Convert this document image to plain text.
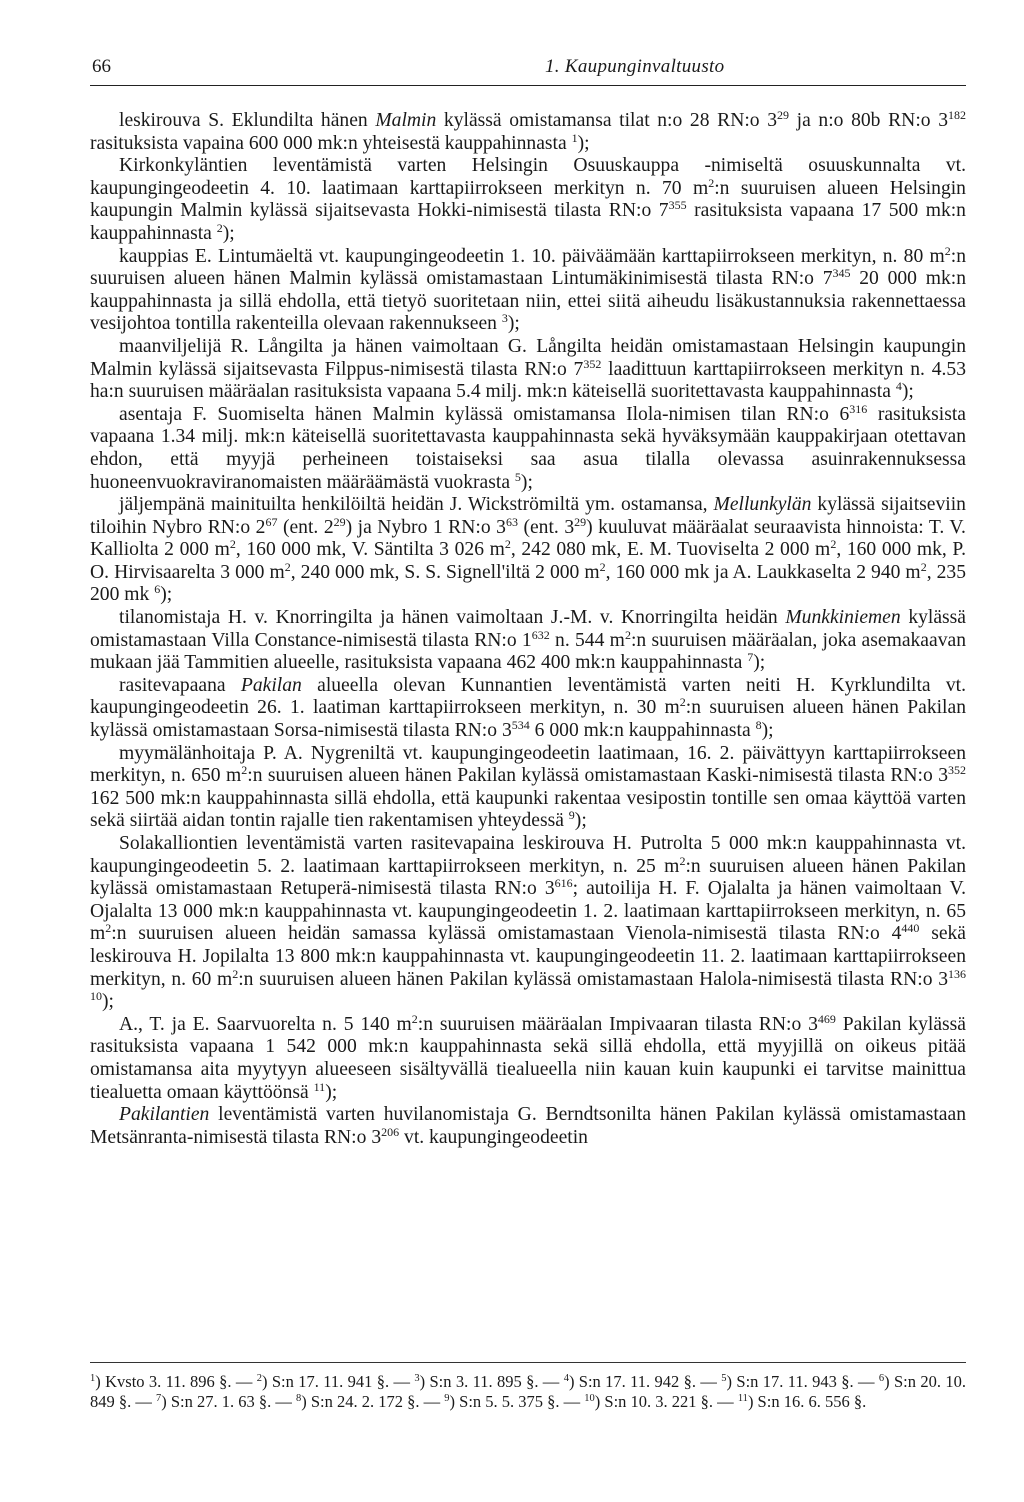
66	1. Kaupunginvaltuusto

leskirouva S. Eklundilta hänen Malmin kylässä omistamansa tilat n:o 28 RN:o $3^{29}$ ja n:o 80b RN:o $3^{182}$ rasituksista vapaina 600 000 mk:n yhteisestä kauppahinnasta $^1$);

Kirkonkyläntien leventämistä varten Helsingin Osuuskauppa -nimiseltä osuuskunnalta vt. kaupungingeodeetin 4. 10. laatimaan karttapiirrokseen merkityn n. 70 $m^2:n$ suuruisen alueen Helsingin kaupungin Malmin kylässä sijaitsevasta Hokki-nimisestä tilasta RN:o $7^{355}$ rasituksista vapaana 17 500 mk:n kauppahinnasta $^2$);

kauppias E. Lintumäeltä vt. kaupungingeodeetin 1. 10. päiväämään karttapiirrokseen merkityn, n. 80 $m^2:n$ suuruisen alueen hänen Malmin kylässä omistamastaan Lintumäkinimisestä tilasta RN:o $7^{345}$ 20 000 mk:n kauppahinnasta ja sillä ehdolla, että tietyö suoritetaan niin, ettei siitä aiheudu lisäkustannuksia rakennettaessa vesijohtoa tontilla rakenteilla olevaan rakennukseen $^3$);

maanviljelijä R. Långilta ja hänen vaimoltaan G. Långilta heidän omistamastaan Helsingin kaupungin Malmin kylässä sijaitsevasta Filppus-nimisestä tilasta RN:o $7^{352}$ laadittuun karttapiirrokseen merkityn n. 4.53 ha:n suuruisen määräalan rasituksista vapaana 5.4 milj. mk:n käteisellä suoritettavasta kauppahinnasta $^4$);

asentaja F. Suomiselta hänen Malmin kylässä omistamansa Ilola-nimisen tilan RN:o $6^{316}$ rasituksista vapaana 1.34 milj. mk:n käteisellä suoritettavasta kauppahinnasta sekä hyväksymään kauppakirjaan otettavan ehdon, että myyjä perheineen toistaiseksi saa asua tilalla olevassa asuinrakennuksessa huoneenvuokraviranomaisten määräämästä vuokrasta $^5$);

jäljempänä mainituilta henkilöiltä heidän J. Wickströmiltä ym. ostamansa, Mellunkylän kylässä sijaitseviin tiloihin Nybro RN:o $2^{67}$ (ent. $2^{29}$) ja Nybro 1 RN:o $3^{63}$ (ent. $3^{29}$) kuuluvat määräalat seuraavista hinnoista: T. V. Kalliolta 2 000 $m^2$, 160 000 mk, V. Säntilta 3 026 $m^2$, 242 080 mk, E. M. Tuoviselta 2 000 $m^2$, 160 000 mk, P. O. Hirvisaarelta 3 000 $m^2$, 240 000 mk, S. S. Signell'iltä 2 000 $m^2$, 160 000 mk ja A. Laukkaselta 2 940 $m^2$, 235 200 mk $^6$);

tilanomistaja H. v. Knorringilta ja hänen vaimoltaan J.-M. v. Knorringilta heidän Munkkiniemen kylässä omistamastaan Villa Constance-nimisestä tilasta RN:o $1^{632}$ n. 544 $m^2:n$ suuruisen määräalan, joka asemakaavan mukaan jää Tammitien alueelle, rasituksista vapaana 462 400 mk:n kauppahinnasta $^7$);

rasitevapaana Pakilan alueella olevan Kunnantien leventämistä varten neiti H. Kyrklundilta vt. kaupungingeodeetin 26. 1. laatiman karttapiirrokseen merkityn, n. 30 $m^2:n$ suuruisen alueen hänen Pakilan kylässä omistamastaan Sorsa-nimisestä tilasta RN:o $3^{534}$ 6 000 mk:n kauppahinnasta $^8$);

myymälänhoitaja P. A. Nygreniltä vt. kaupungingeodeetin laatimaan, 16. 2. päivättyyn karttapiirrokseen merkityn, n. 650 $m^2:n$ suuruisen alueen hänen Pakilan kylässä omistamastaan Kaski-nimisestä tilasta RN:o $3^{352}$ 162 500 mk:n kauppahinnasta sillä ehdolla, että kaupunki rakentaa vesipostin tontille sen omaa käyttöä varten sekä siirtää aidan tontin rajalle tien rakentamisen yhteydessä $^9$);

Solakalliontien leventämistä varten rasitevapaina leskirouva H. Putrolta 5 000 mk:n kauppahinnasta vt. kaupungingeodeetin 5. 2. laatimaan karttapiirrokseen merkityn, n. 25 $m^2:n$ suuruisen alueen hänen Pakilan kylässä omistamastaan Retuperä-nimisestä tilasta RN:o $3^{616}$; autoilija H. F. Ojalalta ja hänen vaimoltaan V. Ojalalta 13 000 mk:n kauppahinnasta vt. kaupungingeodeetin 1. 2. laatimaan karttapiirrokseen merkityn, n. 65 $m^2:n$ suuruisen alueen heidän samassa kylässä omistamastaan Vienola-nimisestä tilasta RN:o $4^{440}$ sekä leskirouva H. Jopilalta 13 800 mk:n kauppahinnasta vt. kaupungingeodeetin 11. 2. laatimaan karttapiirrokseen merkityn, n. 60 $m^2:n$ suuruisen alueen hänen Pakilan kylässä omistamastaan Halola-nimisestä tilasta RN:o $3^{136}$ $^{10}$);

A., T. ja E. Saarvuorelta n. 5 140 $m^2:n$ suuruisen määräalan Impivaaran tilasta RN:o $3^{469}$ Pakilan kylässä rasituksista vapaana 1 542 000 mk:n kauppahinnasta sekä sillä ehdolla, että myyjillä on oikeus pitää omistamansa aita myytyyn alueeseen sisältyvällä tiealueella niin kauan kuin kaupunki ei tarvitse mainittua tiealuetta omaan käyttöönsä $^{11}$);

Pakilantien leventämistä varten huvilanomistaja G. Berndtsonilta hänen Pakilan kylässä omistamastaan Metsänranta-nimisestä tilasta RN:o $3^{206}$ vt. kaupungingeodeetin

$^1$) Kvsto 3. 11. 896 §. — $^2$) S:n 17. 11. 941 §. — $^3$) S:n 3. 11. 895 §. — $^4$) S:n 17. 11. 942 §. — $^5$) S:n 17. 11. 943 §. — $^6$) S:n 20. 10. 849 §. — $^7$) S:n 27. 1. 63 §. — $^8$) S:n 24. 2. 172 §. — $^9$) S:n 5. 5. 375 §. — $^{10}$) S:n 10. 3. 221 §. — $^{11}$) S:n 16. 6. 556 §.
